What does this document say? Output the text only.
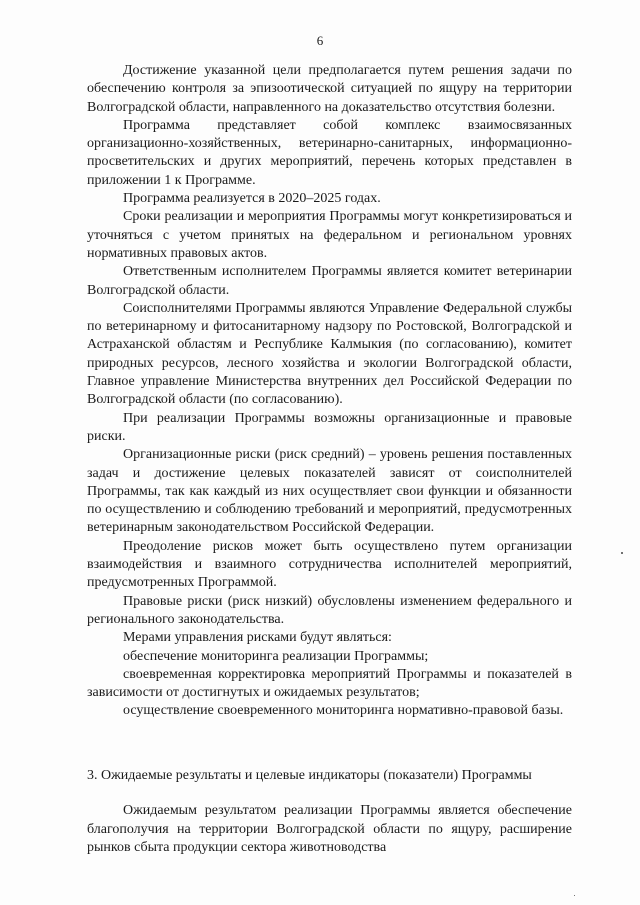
6

Достижение указанной цели предполагается путем решения задачи по обеспечению контроля за эпизоотической ситуацией по ящуру на территории Волгоградской области, направленного на доказательство отсутствия болезни.

Программа представляет собой комплекс взаимосвязанных организационно-хозяйственных, ветеринарно-санитарных, информационно-просветительских и других мероприятий, перечень которых представлен в приложении 1 к Программе.

Программа реализуется в 2020–2025 годах.

Сроки реализации и мероприятия Программы могут конкретизироваться и уточняться с учетом принятых на федеральном и региональном уровнях нормативных правовых актов.

Ответственным исполнителем Программы является комитет ветеринарии Волгоградской области.

Соисполнителями Программы являются Управление Федеральной службы по ветеринарному и фитосанитарному надзору по Ростовской, Волгоградской и Астраханской областям и Республике Калмыкия (по согласованию), комитет природных ресурсов, лесного хозяйства и экологии Волгоградской области, Главное управление Министерства внутренних дел Российской Федерации по Волгоградской области (по согласованию).

При реализации Программы возможны организационные и правовые риски.

Организационные риски (риск средний) – уровень решения поставленных задач и достижение целевых показателей зависят от соисполнителей Программы, так как каждый из них осуществляет свои функции и обязанности по осуществлению и соблюдению требований и мероприятий, предусмотренных ветеринарным законодательством Российской Федерации.

Преодоление рисков может быть осуществлено путем организации взаимодействия и взаимного сотрудничества исполнителей мероприятий, предусмотренных Программой.

Правовые риски (риск низкий) обусловлены изменением федерального и регионального законодательства.

Мерами управления рисками будут являться:

обеспечение мониторинга реализации Программы;

своевременная корректировка мероприятий Программы и показателей в зависимости от достигнутых и ожидаемых результатов;

осуществление своевременного мониторинга нормативно-правовой базы.

3. Ожидаемые результаты и целевые индикаторы (показатели) Программы

Ожидаемым результатом реализации Программы является обеспечение благополучия на территории Волгоградской области по ящуру, расширение рынков сбыта продукции сектора животноводства
